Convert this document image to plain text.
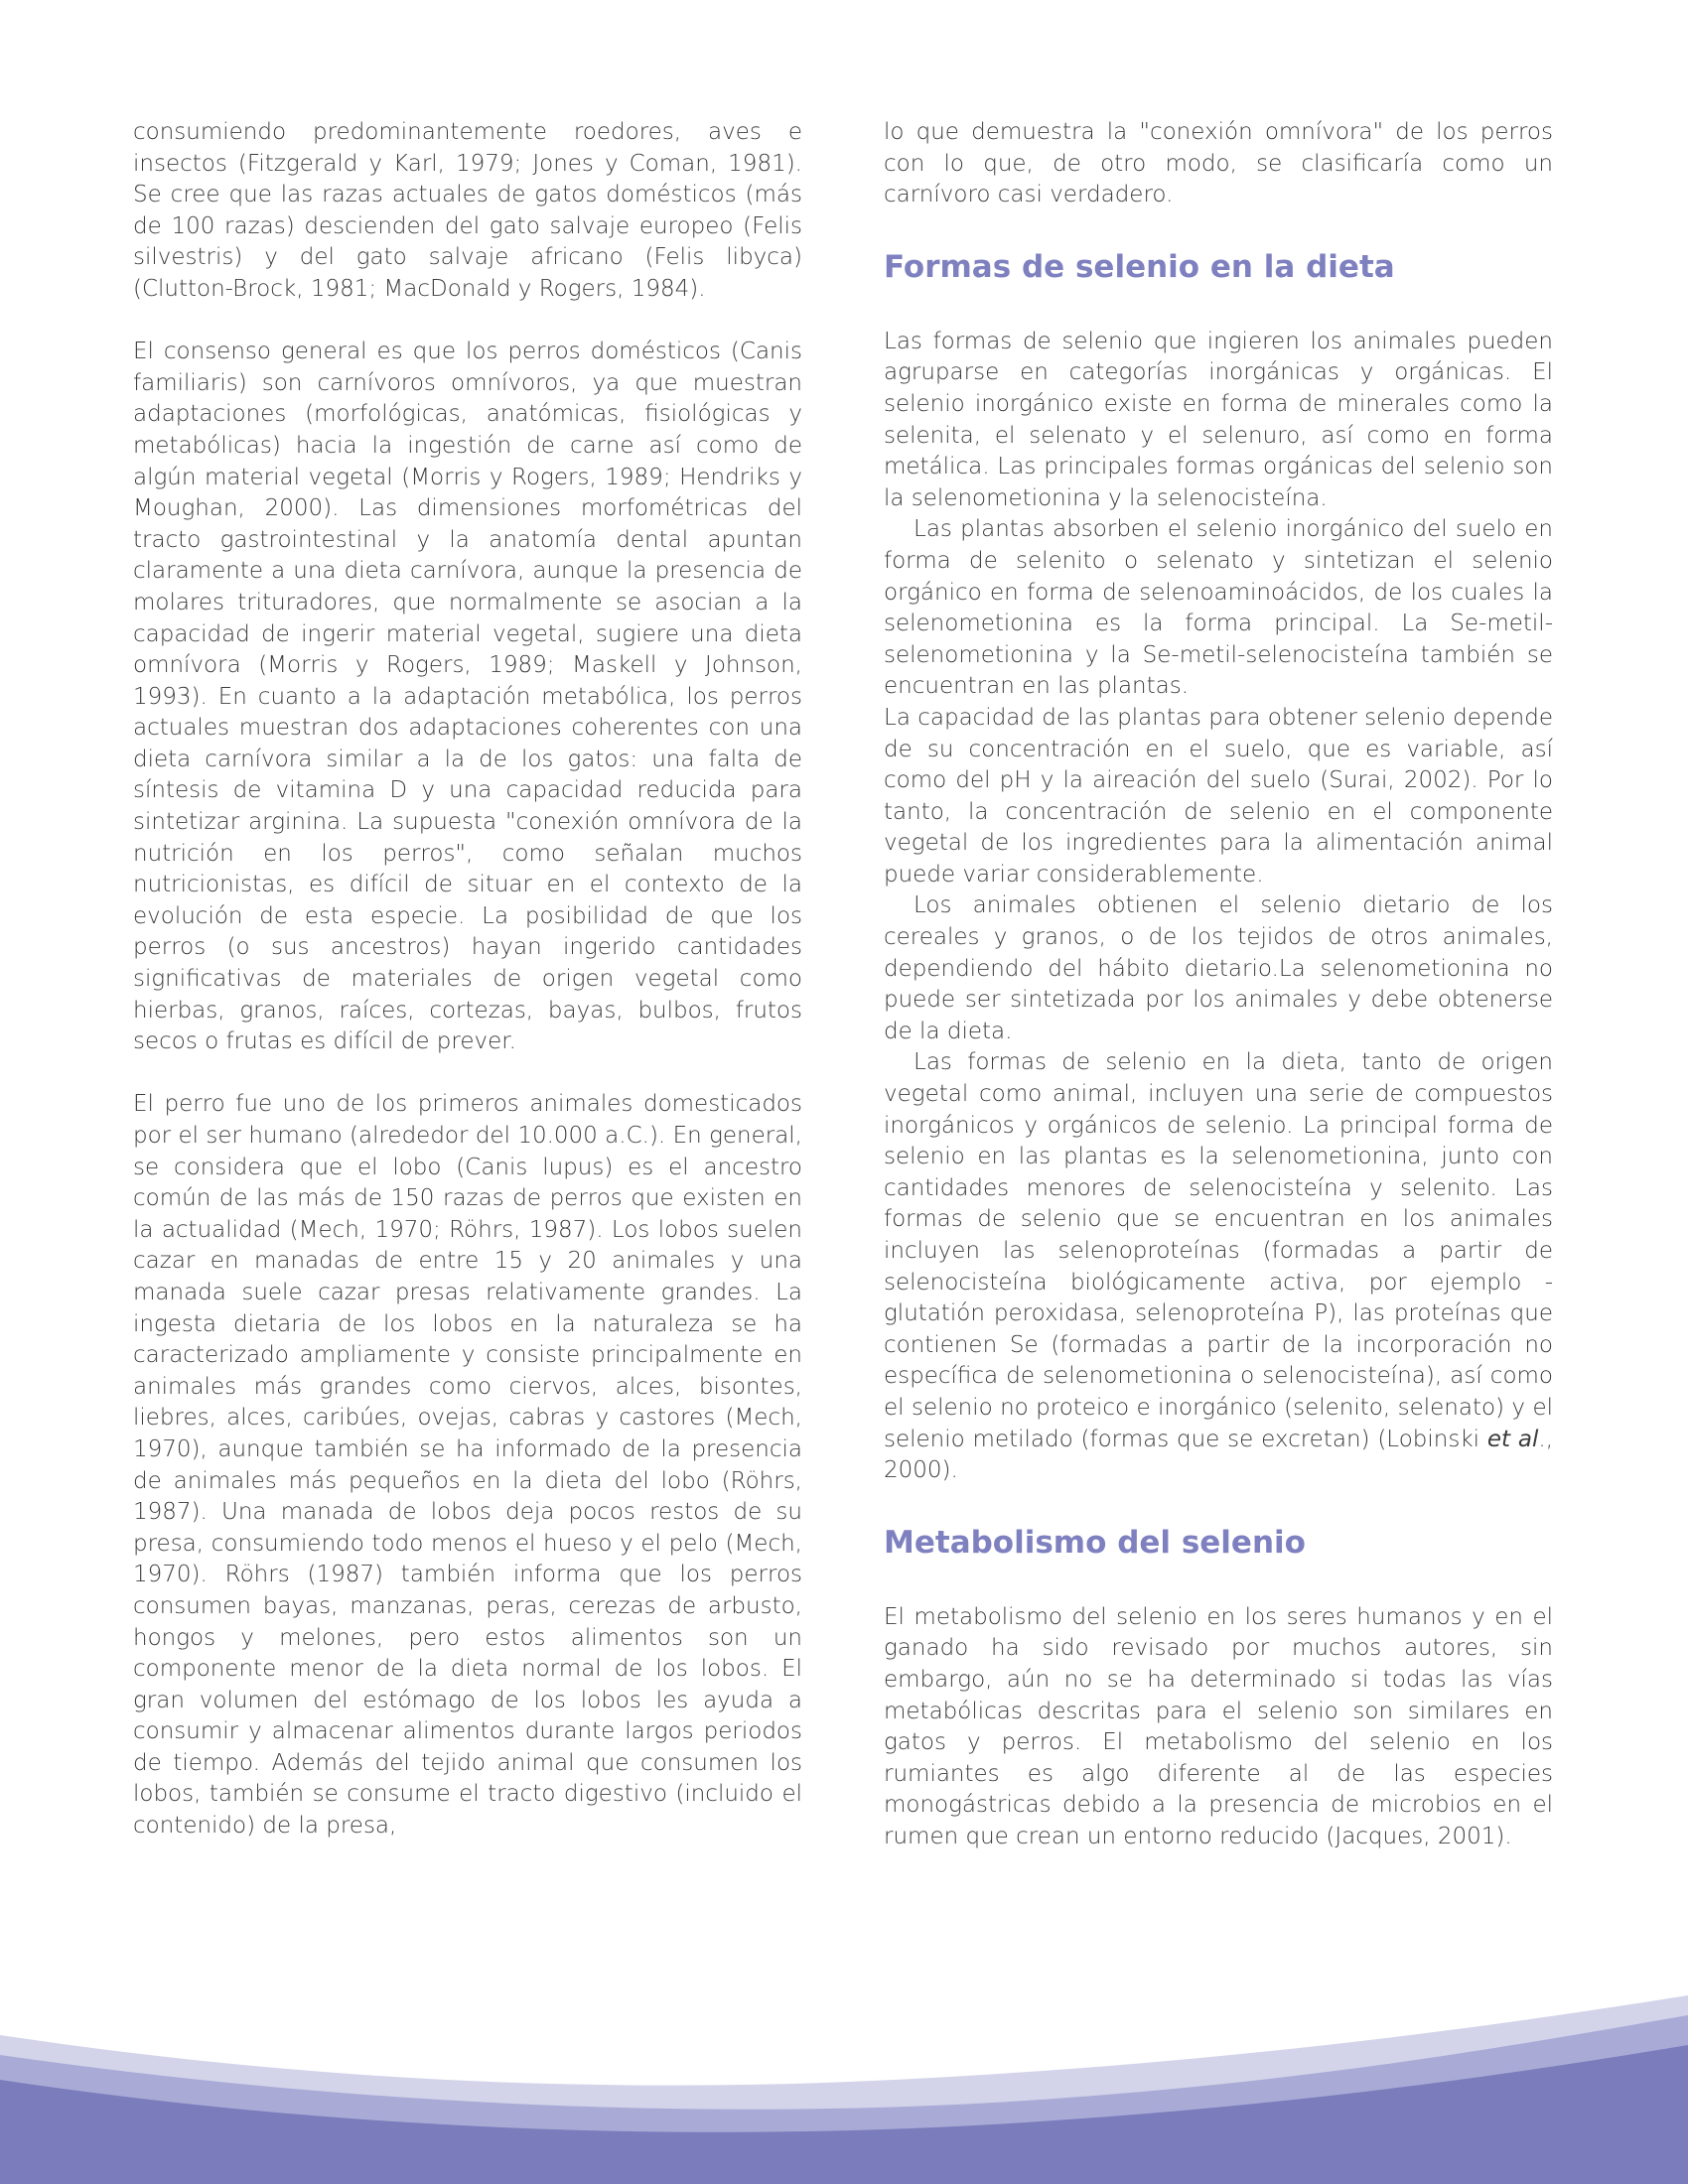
consumiendo predominantemente roedores, aves e insectos (Fitzgerald y Karl, 1979; Jones y Coman, 1981). Se cree que las razas actuales de gatos domésticos (más de 100 razas) descienden del gato salvaje europeo (Felis silvestris) y del gato salvaje africano (Felis libyca) (Clutton-Brock, 1981; MacDonald y Rogers, 1984).

El consenso general es que los perros domésticos (Canis familiaris) son carnívoros omnívoros, ya que muestran adaptaciones (morfológicas, anatómicas, fisiológicas y metabólicas) hacia la ingestión de carne así como de algún material vegetal (Morris y Rogers, 1989; Hendriks y Moughan, 2000). Las dimensiones morfométricas del tracto gastrointestinal y la anatomía dental apuntan claramente a una dieta carnívora, aunque la presencia de molares trituradores, que normalmente se asocian a la capacidad de ingerir material vegetal, sugiere una dieta omnívora (Morris y Rogers, 1989; Maskell y Johnson, 1993). En cuanto a la adaptación metabólica, los perros actuales muestran dos adaptaciones coherentes con una dieta carnívora similar a la de los gatos: una falta de síntesis de vitamina D y una capacidad reducida para sintetizar arginina. La supuesta "conexión omnívora de la nutrición en los perros", como señalan muchos nutricionistas, es difícil de situar en el contexto de la evolución de esta especie. La posibilidad de que los perros (o sus ancestros) hayan ingerido cantidades significativas de materiales de origen vegetal como hierbas, granos, raíces, cortezas, bayas, bulbos, frutos secos o frutas es difícil de prever.

El perro fue uno de los primeros animales domesticados por el ser humano (alrededor del 10.000 a.C.). En general, se considera que el lobo (Canis lupus) es el ancestro común de las más de 150 razas de perros que existen en la actualidad (Mech, 1970; Röhrs, 1987). Los lobos suelen cazar en manadas de entre 15 y 20 animales y una manada suele cazar presas relativamente grandes. La ingesta dietaria de los lobos en la naturaleza se ha caracterizado ampliamente y consiste principalmente en animales más grandes como ciervos, alces, bisontes, liebres, alces, caribúes, ovejas, cabras y castores (Mech, 1970), aunque también se ha informado de la presencia de animales más pequeños en la dieta del lobo (Röhrs, 1987). Una manada de lobos deja pocos restos de su presa, consumiendo todo menos el hueso y el pelo (Mech, 1970). Röhrs (1987) también informa que los perros consumen bayas, manzanas, peras, cerezas de arbusto, hongos y melones, pero estos alimentos son un componente menor de la dieta normal de los lobos. El gran volumen del estómago de los lobos les ayuda a consumir y almacenar alimentos durante largos periodos de tiempo. Además del tejido animal que consumen los lobos, también se consume el tracto digestivo (incluido el contenido) de la presa,

lo que demuestra la "conexión omnívora" de los perros con lo que, de otro modo, se clasificaría como un carnívoro casi verdadero.

Formas de selenio en la dieta

Las formas de selenio que ingieren los animales pueden agruparse en categorías inorgánicas y orgánicas. El selenio inorgánico existe en forma de minerales como la selenita, el selenato y el selenuro, así como en forma metálica. Las principales formas orgánicas del selenio son la selenometionina y la selenocisteína.

Las plantas absorben el selenio inorgánico del suelo en forma de selenito o selenato y sintetizan el selenio orgánico en forma de selenoaminoácidos, de los cuales la selenometionina es la forma principal. La Se-metil-selenometionina y la Se-metil-selenocisteína también se encuentran en las plantas.

La capacidad de las plantas para obtener selenio depende de su concentración en el suelo, que es variable, así como del pH y la aireación del suelo (Surai, 2002). Por lo tanto, la concentración de selenio en el componente vegetal de los ingredientes para la alimentación animal puede variar considerablemente.

Los animales obtienen el selenio dietario de los cereales y granos, o de los tejidos de otros animales, dependiendo del hábito dietario.La selenometionina no puede ser sintetizada por los animales y debe obtenerse de la dieta.

Las formas de selenio en la dieta, tanto de origen vegetal como animal, incluyen una serie de compuestos inorgánicos y orgánicos de selenio. La principal forma de selenio en las plantas es la selenometionina, junto con cantidades menores de selenocisteína y selenito. Las formas de selenio que se encuentran en los animales incluyen las selenoproteínas (formadas a partir de selenocisteína biológicamente activa, por ejemplo - glutatión peroxidasa, selenoproteína P), las proteínas que contienen Se (formadas a partir de la incorporación no específica de selenometionina o selenocisteína), así como el selenio no proteico e inorgánico (selenito, selenato) y el selenio metilado (formas que se excretan) (Lobinski et al., 2000).

Metabolismo del selenio

El metabolismo del selenio en los seres humanos y en el ganado ha sido revisado por muchos autores, sin embargo, aún no se ha determinado si todas las vías metabólicas descritas para el selenio son similares en gatos y perros. El metabolismo del selenio en los rumiantes es algo diferente al de las especies monogástricas debido a la presencia de microbios en el rumen que crean un entorno reducido (Jacques, 2001).
